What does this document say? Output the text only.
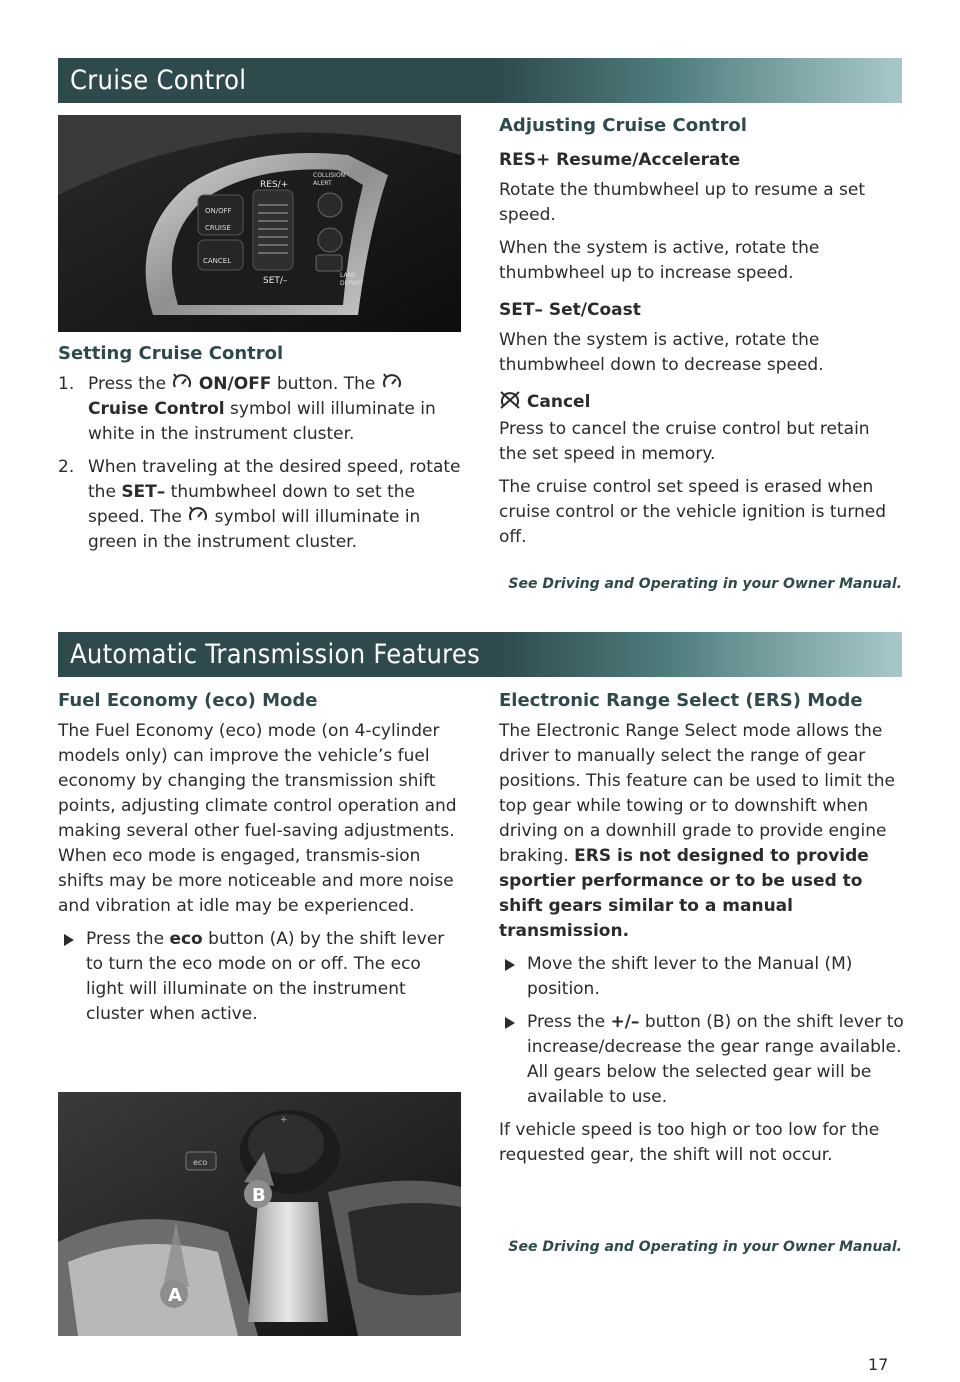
Cruise Control
ON/OFF
CRUISE
CANCEL
RES/+
SET/–
COLLISION
ALERT
LANE
DEPART
Setting Cruise Control
1. Press the ON/OFF button. The  Cruise Control symbol will illuminate in white in the instrument cluster.
2. When traveling at the desired speed, rotate the SET– thumbwheel down to set the speed. The symbol will illuminate in green in the instrument cluster.
Adjusting Cruise Control
RES+ Resume/Accelerate

Rotate the thumbwheel up to resume a set speed.

When the system is active, rotate the thumbwheel up to increase speed.

SET– Set/Coast

When the system is active, rotate the thumbwheel down to decrease speed.

Cancel

Press to cancel the cruise control but retain the set speed in memory.

The cruise control set speed is erased when cruise control or the vehicle ignition is turned off.

See Driving and Operating in your Owner Manual.
Automatic Transmission Features
Fuel Economy (eco) Mode

The Fuel Economy (eco) mode (on 4-cylinder models only) can improve the vehicle’s fuel economy by changing the transmission shift points, adjusting climate control operation and making several other fuel-saving adjustments. When eco mode is engaged, transmis-sion shifts may be more noticeable and more noise and vibration at idle may be experienced.

Press the eco button (A) by the shift lever to turn the eco mode on or off. The eco light will illuminate on the instrument cluster when active.
+
eco
A
B
Electronic Range Select (ERS) Mode

The Electronic Range Select mode allows the driver to manually select the range of gear positions. This feature can be used to limit the top gear while towing or to downshift when driving on a downhill grade to provide engine braking. ERS is not designed to provide sportier performance or to be used to shift gears similar to a manual transmission.

Move the shift lever to the Manual (M) position.
Press the +/– button (B) on the shift lever to increase/decrease the gear range available. All gears below the selected gear will be available to use.

If vehicle speed is too high or too low for the requested gear, the shift will not occur.

See Driving and Operating in your Owner Manual.
17
